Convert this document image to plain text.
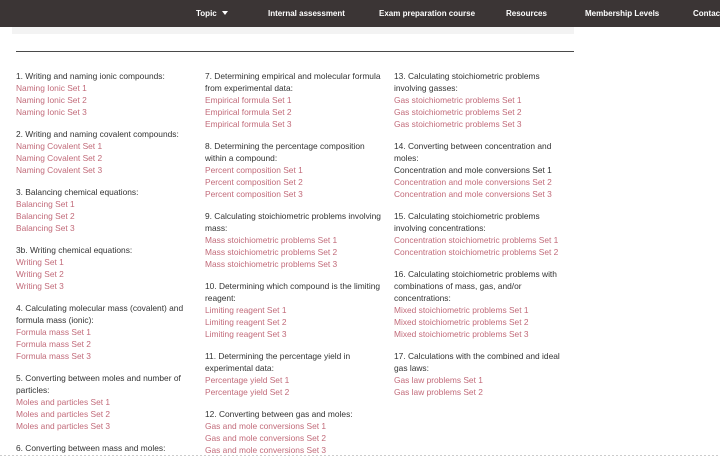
Topic	Internal assessment	Exam preparation course	Resources	Membership Levels	Contac
1. Writing and naming ionic compounds:
Naming Ionic Set 1
Naming Ionic Set 2
Naming Ionic Set 3
2. Writing and naming covalent compounds:
Naming Covalent Set 1
Naming Covalent Set 2
Naming Covalent Set 3
3. Balancing chemical equations:
Balancing Set 1
Balancing Set 2
Balancing Set 3
3b. Writing chemical equations:
Writing Set 1
Writing Set 2
Writing Set 3
4. Calculating molecular mass (covalent) and formula mass (ionic):
Formula mass Set 1
Formula mass Set 2
Formula mass Set 3
5. Converting between moles and number of particles:
Moles and particles Set 1
Moles and particles Set 2
Moles and particles Set 3
6. Converting between mass and moles:
7. Determining empirical and molecular formula from experimental data:
Empirical formula Set 1
Empirical formula Set 2
Empirical formula Set 3
8. Determining the percentage composition within a compound:
Percent composition Set 1
Percent composition Set 2
Percent composition Set 3
9. Calculating stoichiometric problems involving mass:
Mass stoichiometric problems Set 1
Mass stoichiometric problems Set 2
Mass stoichiometric problems Set 3
10. Determining which compound is the limiting reagent:
Limiting reagent Set 1
Limiting reagent Set 2
Limiting reagent Set 3
11. Determining the percentage yield in experimental data:
Percentage yield Set 1
Percentage yield Set 2
12. Converting between gas and moles:
Gas and mole conversions Set 1
Gas and mole conversions Set 2
Gas and mole conversions Set 3
13. Calculating stoichiometric problems involving gasses:
Gas stoichiometric problems Set 1
Gas stoichiometric problems Set 2
Gas stoichiometric problems Set 3
14. Converting between concentration and moles:
Concentration and mole conversions Set 1
Concentration and mole conversions Set 2
Concentration and mole conversions Set 3
15. Calculating stoichiometric problems involving concentrations:
Concentration stoichiometric problems Set 1
Concentration stoichiometric problems Set 2
16. Calculating stoichiometric problems with combinations of mass, gas, and/or concentrations:
Mixed stoichiometric problems Set 1
Mixed stoichiometric problems Set 2
Mixed stoichiometric problems Set 3
17. Calculations with the combined and ideal gas laws:
Gas law problems Set 1
Gas law problems Set 2
